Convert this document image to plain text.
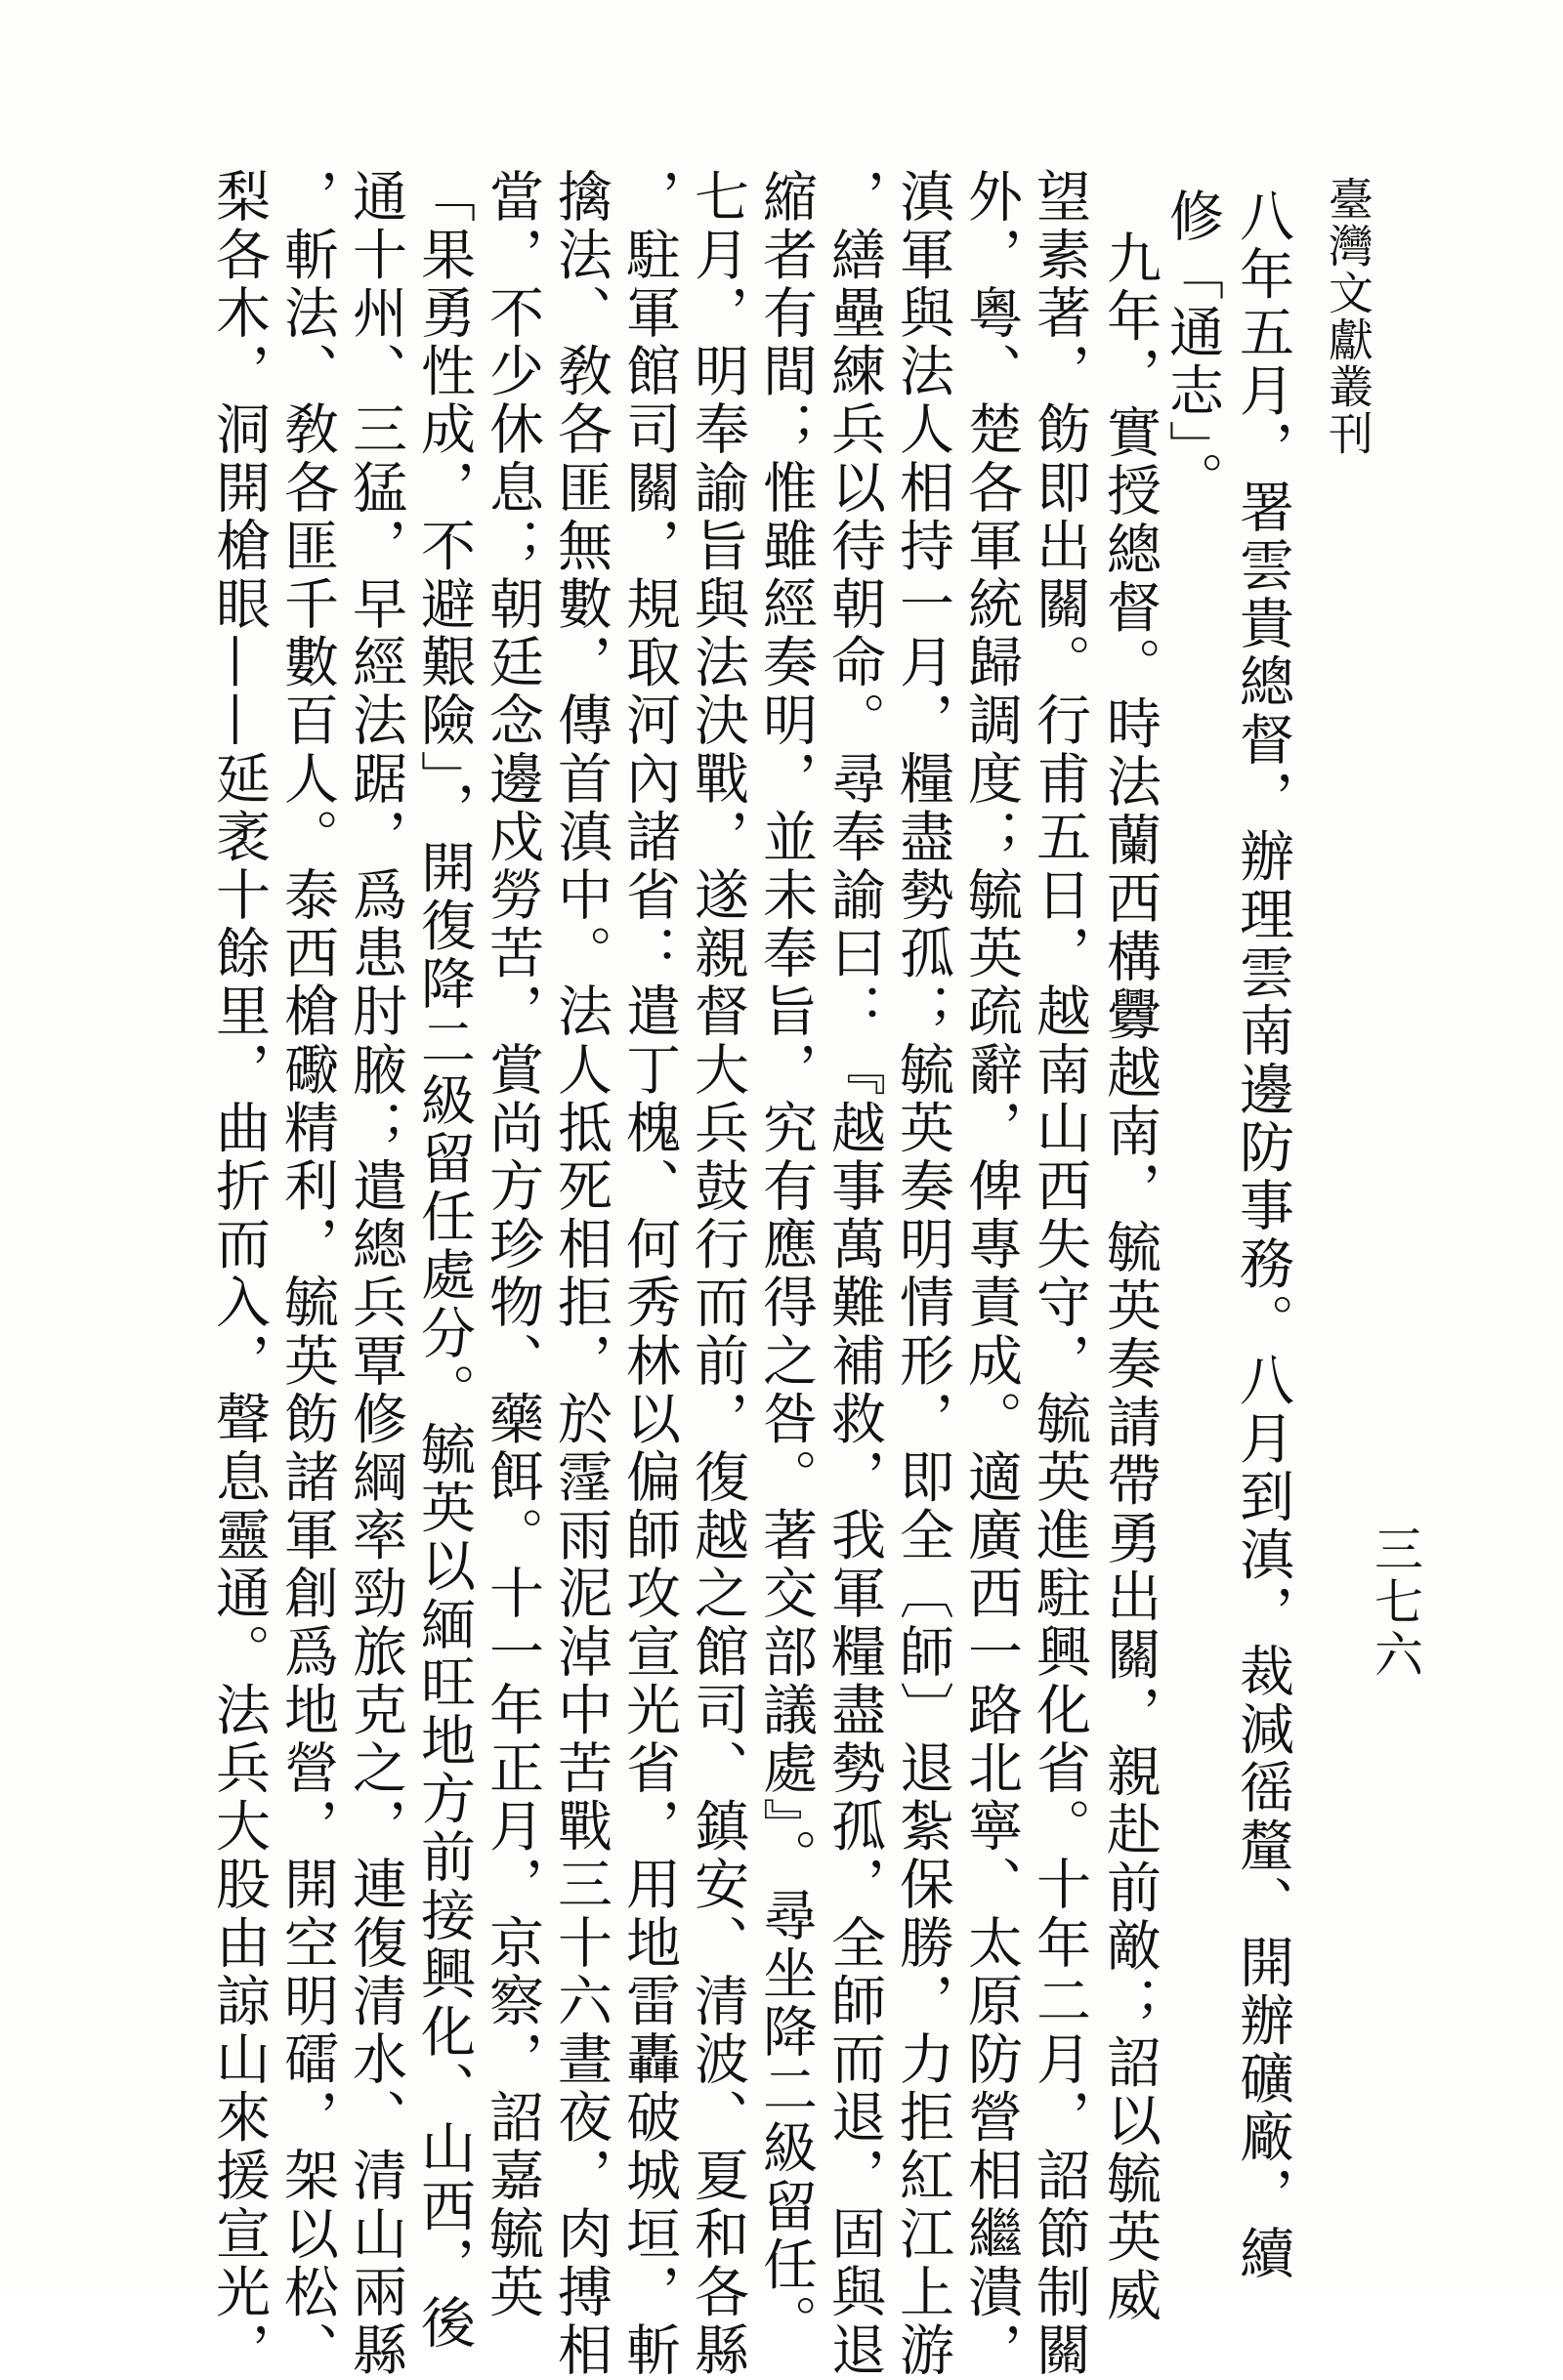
臺灣文獻叢刊
三七六
八年五月，署雲貴總督，辦理雲南邊防事務。八月到滇，裁減徭釐、開辦礦廠，續
修「通志」。
九年，實授總督。時法蘭西構釁越南，毓英奏請帶勇出關，親赴前敵；詔以毓英威
望素著，飭即出關。行甫五日，越南山西失守，毓英進駐興化省。十年二月，詔節制關
外，粵、楚各軍統歸調度；毓英疏辭，俾專責成。適廣西一路北寧、太原防營相繼潰，
滇軍與法人相持一月，糧盡勢孤；毓英奏明情形，即全〔師〕退紮保勝，力拒紅江上游
，繕壘練兵以待朝命。尋奉諭曰：『越事萬難補救，我軍糧盡勢孤，全師而退，固與退
縮者有間；惟雖經奏明，並未奉旨，究有應得之咎。著交部議處』。尋坐降二級留任。
七月，明奉諭旨與法決戰，遂親督大兵鼓行而前，復越之館司、鎮安、清波、夏和各縣
，駐軍館司關，規取河內諸省：遣丁槐、何秀林以偏師攻宣光省，用地雷轟破城垣，斬
擒法、敎各匪無數，傳首滇中。法人抵死相拒，於霪雨泥淖中苦戰三十六晝夜，肉搏相
當，不少休息；朝廷念邊戍勞苦，賞尚方珍物、藥餌。十一年正月，京察，詔嘉毓英
「果勇性成，不避艱險」，開復降二級留任處分。毓英以緬旺地方前接興化、山西，後
通十州、三猛，早經法踞，爲患肘腋；遣總兵覃修綱率勁旅克之，連復清水、清山兩縣
，斬法、敎各匪千數百人。泰西槍礮精利，毓英飭諸軍創爲地營，開空明礌，架以松、
梨各木，洞開槍眼——延袤十餘里，曲折而入，聲息靈通。法兵大股由諒山來援宣光，
